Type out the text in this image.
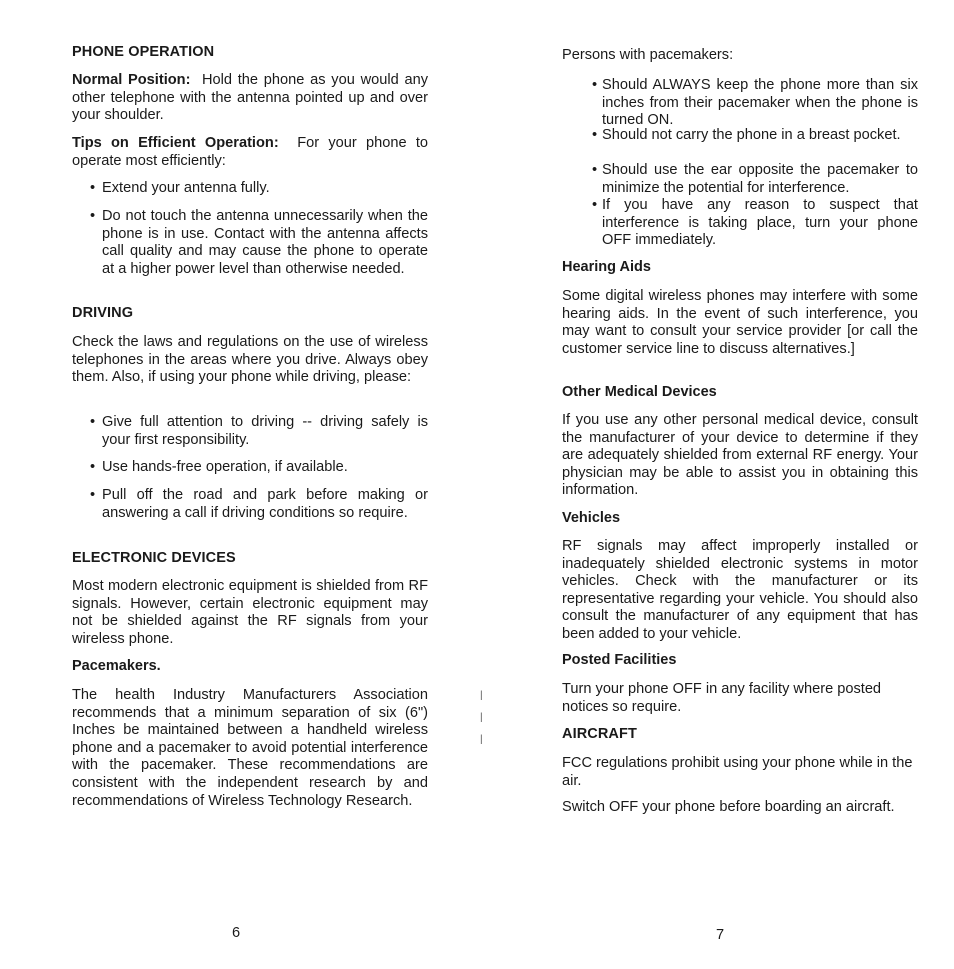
PHONE OPERATION
Normal Position: Hold the phone as you would any other telephone with the antenna pointed up and over your shoulder.
Tips on Efficient Operation: For your phone to operate most efficiently:
• Extend your antenna fully.
• Do not touch the antenna unnecessarily when the phone is in use. Contact with the antenna affects call quality and may cause the phone to operate at a higher power level than otherwise needed.
DRIVING
Check the laws and regulations on the use of wireless telephones in the areas where you drive. Always obey them. Also, if using your phone while driving, please:
• Give full attention to driving -- driving safely is your first responsibility.
• Use hands-free operation, if available.
• Pull off the road and park before making or answering a call if driving conditions so require.
ELECTRONIC DEVICES
Most modern electronic equipment is shielded from RF signals. However, certain electronic equipment may not be shielded against the RF signals from your wireless phone.
Pacemakers.
The health Industry Manufacturers Association recommends that a minimum separation of six (6") Inches be maintained between a handheld wireless phone and a pacemaker to avoid potential interference with the pacemaker. These recommendations are consistent with the independent research by and recommendations of Wireless Technology Research.
6
|
|
|
Persons with pacemakers:
• Should ALWAYS keep the phone more than six inches from their pacemaker when the phone is turned ON.
• Should not carry the phone in a breast pocket.
• Should use the ear opposite the pacemaker to minimize the potential for interference.
• If you have any reason to suspect that interference is taking place, turn your phone OFF immediately.
Hearing Aids
Some digital wireless phones may interfere with some hearing aids. In the event of such interference, you may want to consult your service provider [or call the customer service line to discuss alternatives.]
Other Medical Devices
If you use any other personal medical device, consult the manufacturer of your device to determine if they are adequately shielded from external RF energy. Your physician may be able to assist you in obtaining this information.
Vehicles
RF signals may affect improperly installed or inadequately shielded electronic systems in motor vehicles. Check with the manufacturer or its representative regarding your vehicle. You should also consult the manufacturer of any equipment that has been added to your vehicle.
Posted Facilities
Turn your phone OFF in any facility where posted notices so require.
AIRCRAFT
FCC regulations prohibit using your phone while in the air.
Switch OFF your phone before boarding an aircraft.
7
